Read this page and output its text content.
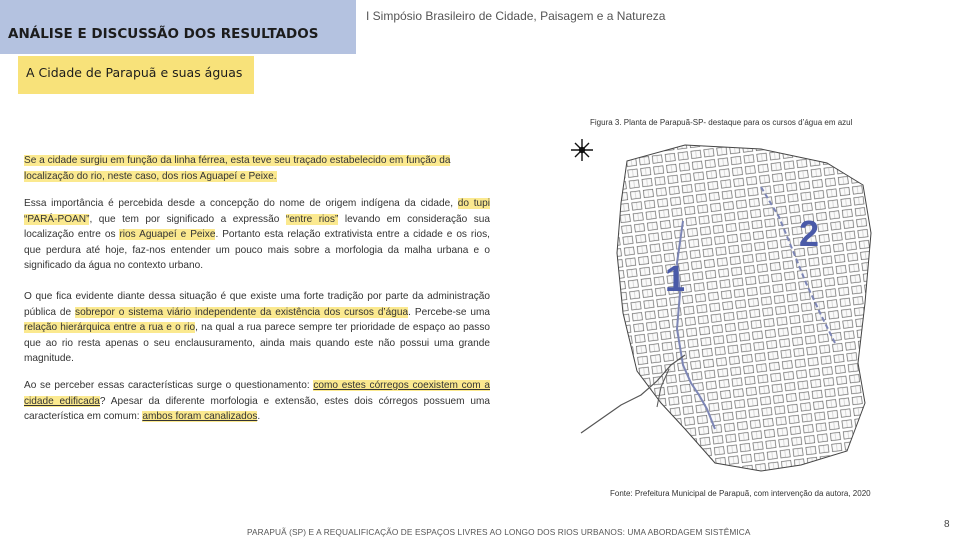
ANÁLISE E DISCUSSÃO DOS RESULTADOS
I Simpósio Brasileiro de Cidade, Paisagem e a Natureza
A Cidade de Parapuã e suas águas
Se a cidade surgiu em função da linha férrea, esta teve seu traçado estabelecido em função da localização do rio, neste caso, dos rios Aguapeí e Peixe.
Essa importância é percebida desde a concepção do nome de origem indígena da cidade, do tupi “PARÁ-POAN”, que tem por significado a expressão “entre rios” levando em consideração sua localização entre os rios Aguapeí e Peixe. Portanto esta relação extrativista entre a cidade e os rios, que perdura até hoje, faz-nos entender um pouco mais sobre a morfologia da malha urbana e o significado da água no contexto urbano.
O que fica evidente diante dessa situação é que existe uma forte tradição por parte da administração pública de sobrepor o sistema viário independente da existência dos cursos d’água. Percebe-se uma relação hierárquica entre a rua e o rio, na qual a rua parece sempre ter prioridade de espaço ao passo que ao rio resta apenas o seu enclausuramento, ainda mais quando este não possui uma grande magnitude.
Ao se perceber essas características surge o questionamento: como estes córregos coexistem com a cidade edificada? Apesar da diferente morfologia e extensão, estes dois córregos possuem uma característica em comum: ambos foram canalizados.
Figura 3. Planta de Parapuã-SP- destaque para os cursos d’água em azul
1
2
Fonte: Prefeitura Municipal de Parapuã, com intervenção da autora, 2020
PARAPUÃ (SP) E A REQUALIFICAÇÃO DE ESPAÇOS LIVRES AO LONGO DOS RIOS URBANOS: UMA ABORDAGEM SISTÊMICA
8
